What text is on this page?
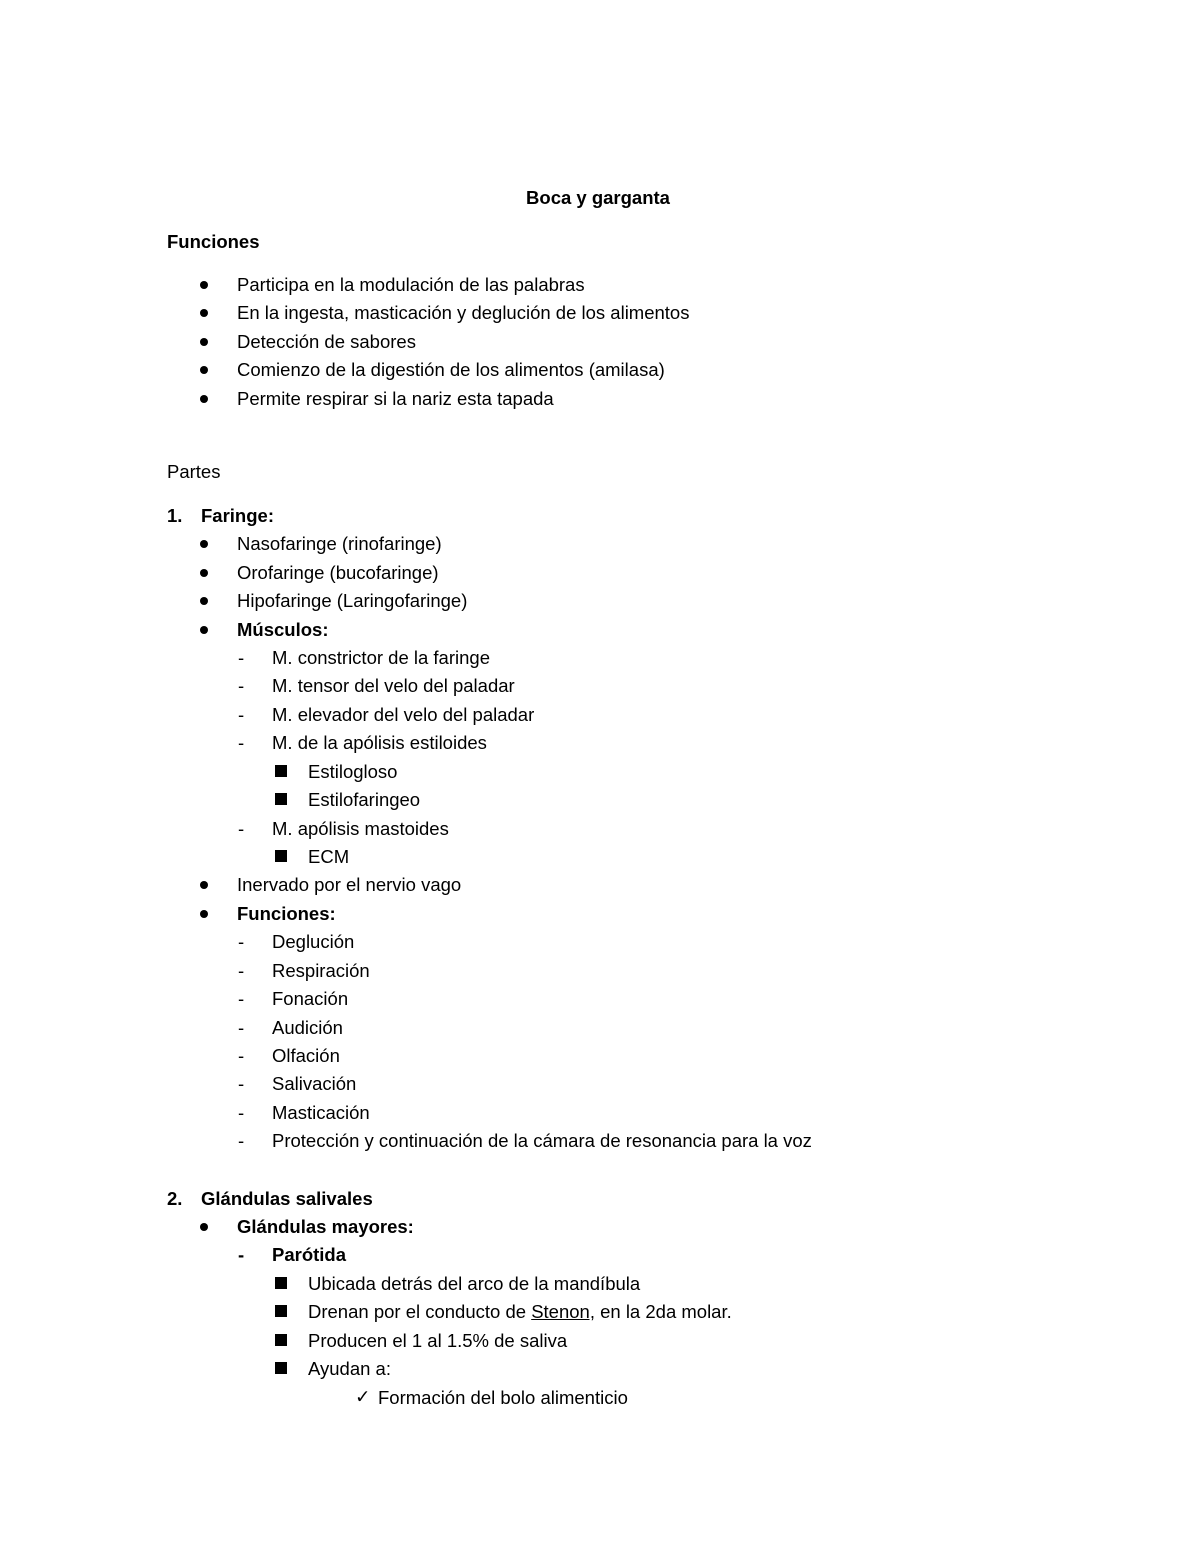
Boca y garganta
Funciones
Participa en la modulación de las palabras
En la ingesta, masticación y deglución de los alimentos
Detección de sabores
Comienzo de la digestión de los alimentos (amilasa)
Permite respirar si la nariz esta tapada
Partes
1. Faringe:
Nasofaringe (rinofaringe)
Orofaringe (bucofaringe)
Hipofaringe (Laringofaringe)
Músculos:
- M. constrictor de la faringe
- M. tensor del velo del paladar
- M. elevador del velo del paladar
- M. de la apólisis estiloides
Estilogloso
Estilofaringeo
- M. apólisis mastoides
ECM
Inervado por el nervio vago
Funciones:
- Deglución
- Respiración
- Fonación
- Audición
- Olfación
- Salivación
- Masticación
- Protección y continuación de la cámara de resonancia para la voz
2. Glándulas salivales
Glándulas mayores:
- Parótida
Ubicada detrás del arco de la mandíbula
Drenan por el conducto de Stenon, en la 2da molar.
Producen el 1 al 1.5% de saliva
Ayudan a:
✓ Formación del bolo alimenticio
